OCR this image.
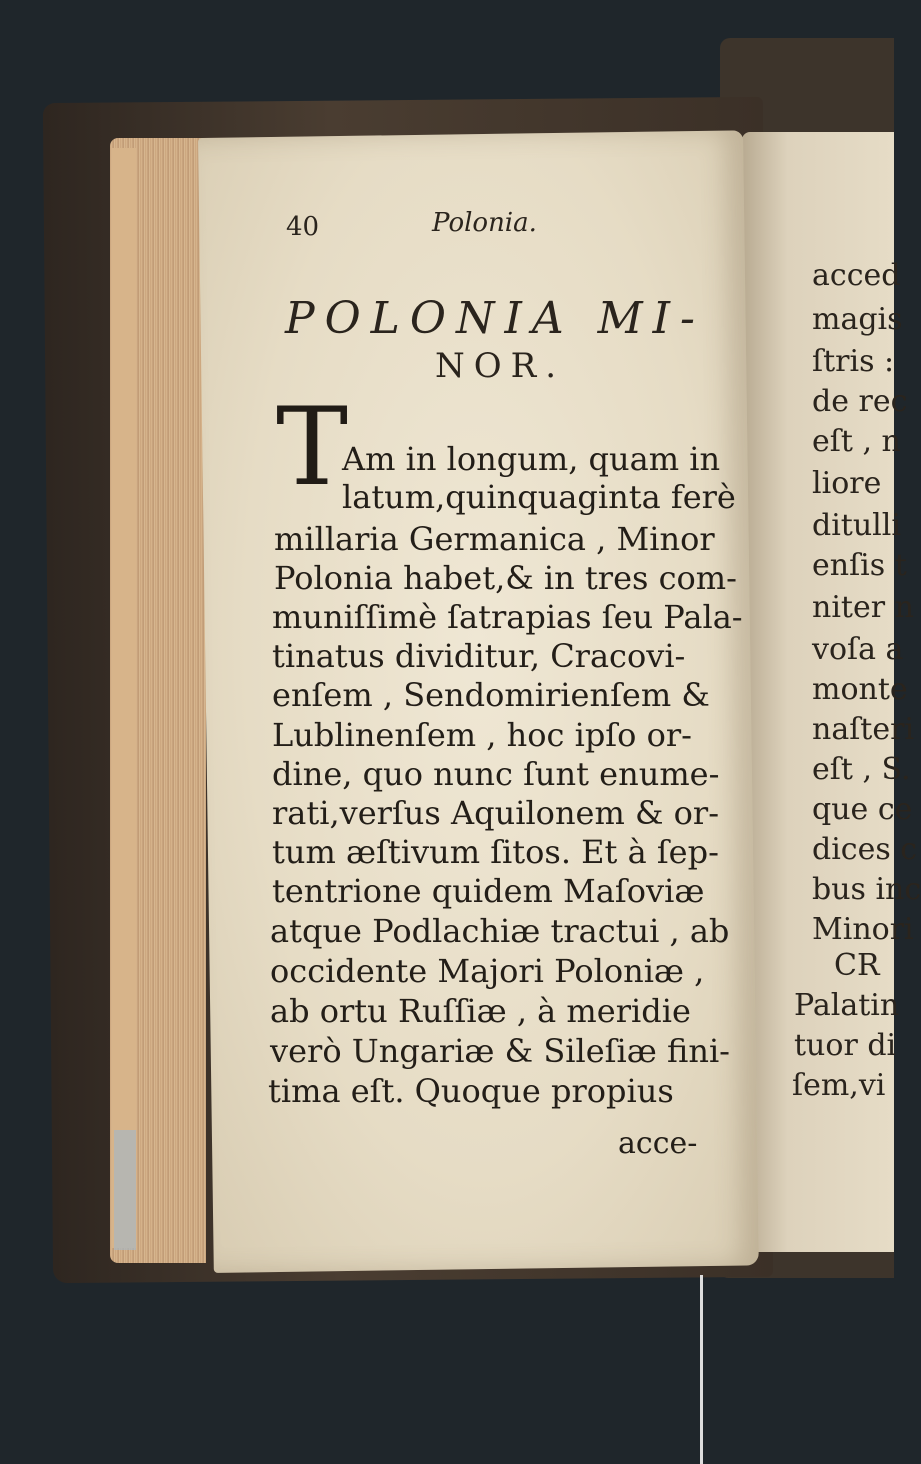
40	Polonia.
POLONIA MI-
NOR.
T
Am in longum, quam in
latum,quinquaginta ferè
millaria Germanica , Minor
Polonia habet,& in tres com-
muniſſimè ſatrapias ſeu Pala-
tinatus dividitur, Cracovi-
enſem , Sendomirienſem &
Lublinenſem , hoc ipſo or-
dine, quo nunc ſunt enume-
rati,verſus Aquilonem & or-
tum æſtivum ſitos. Et à ſep-
tentrione quidem Maſoviæ
atque Podlachiæ tractui , ab
occidente Majori Poloniæ ,
ab ortu Ruſſiæ , à meridie
verò Ungariæ & Sileſiæ fini-
tima eſt. Quoque propius
acce-
acced
magis
ſtris :
de rec
eſt , n
liore
ditulli
enſis t
niter n
voſa a
monte
naſteri
eſt , S.
que ce
dices c
bus inc
Minori
CR
Palatin
tuor di
ſem,vi
